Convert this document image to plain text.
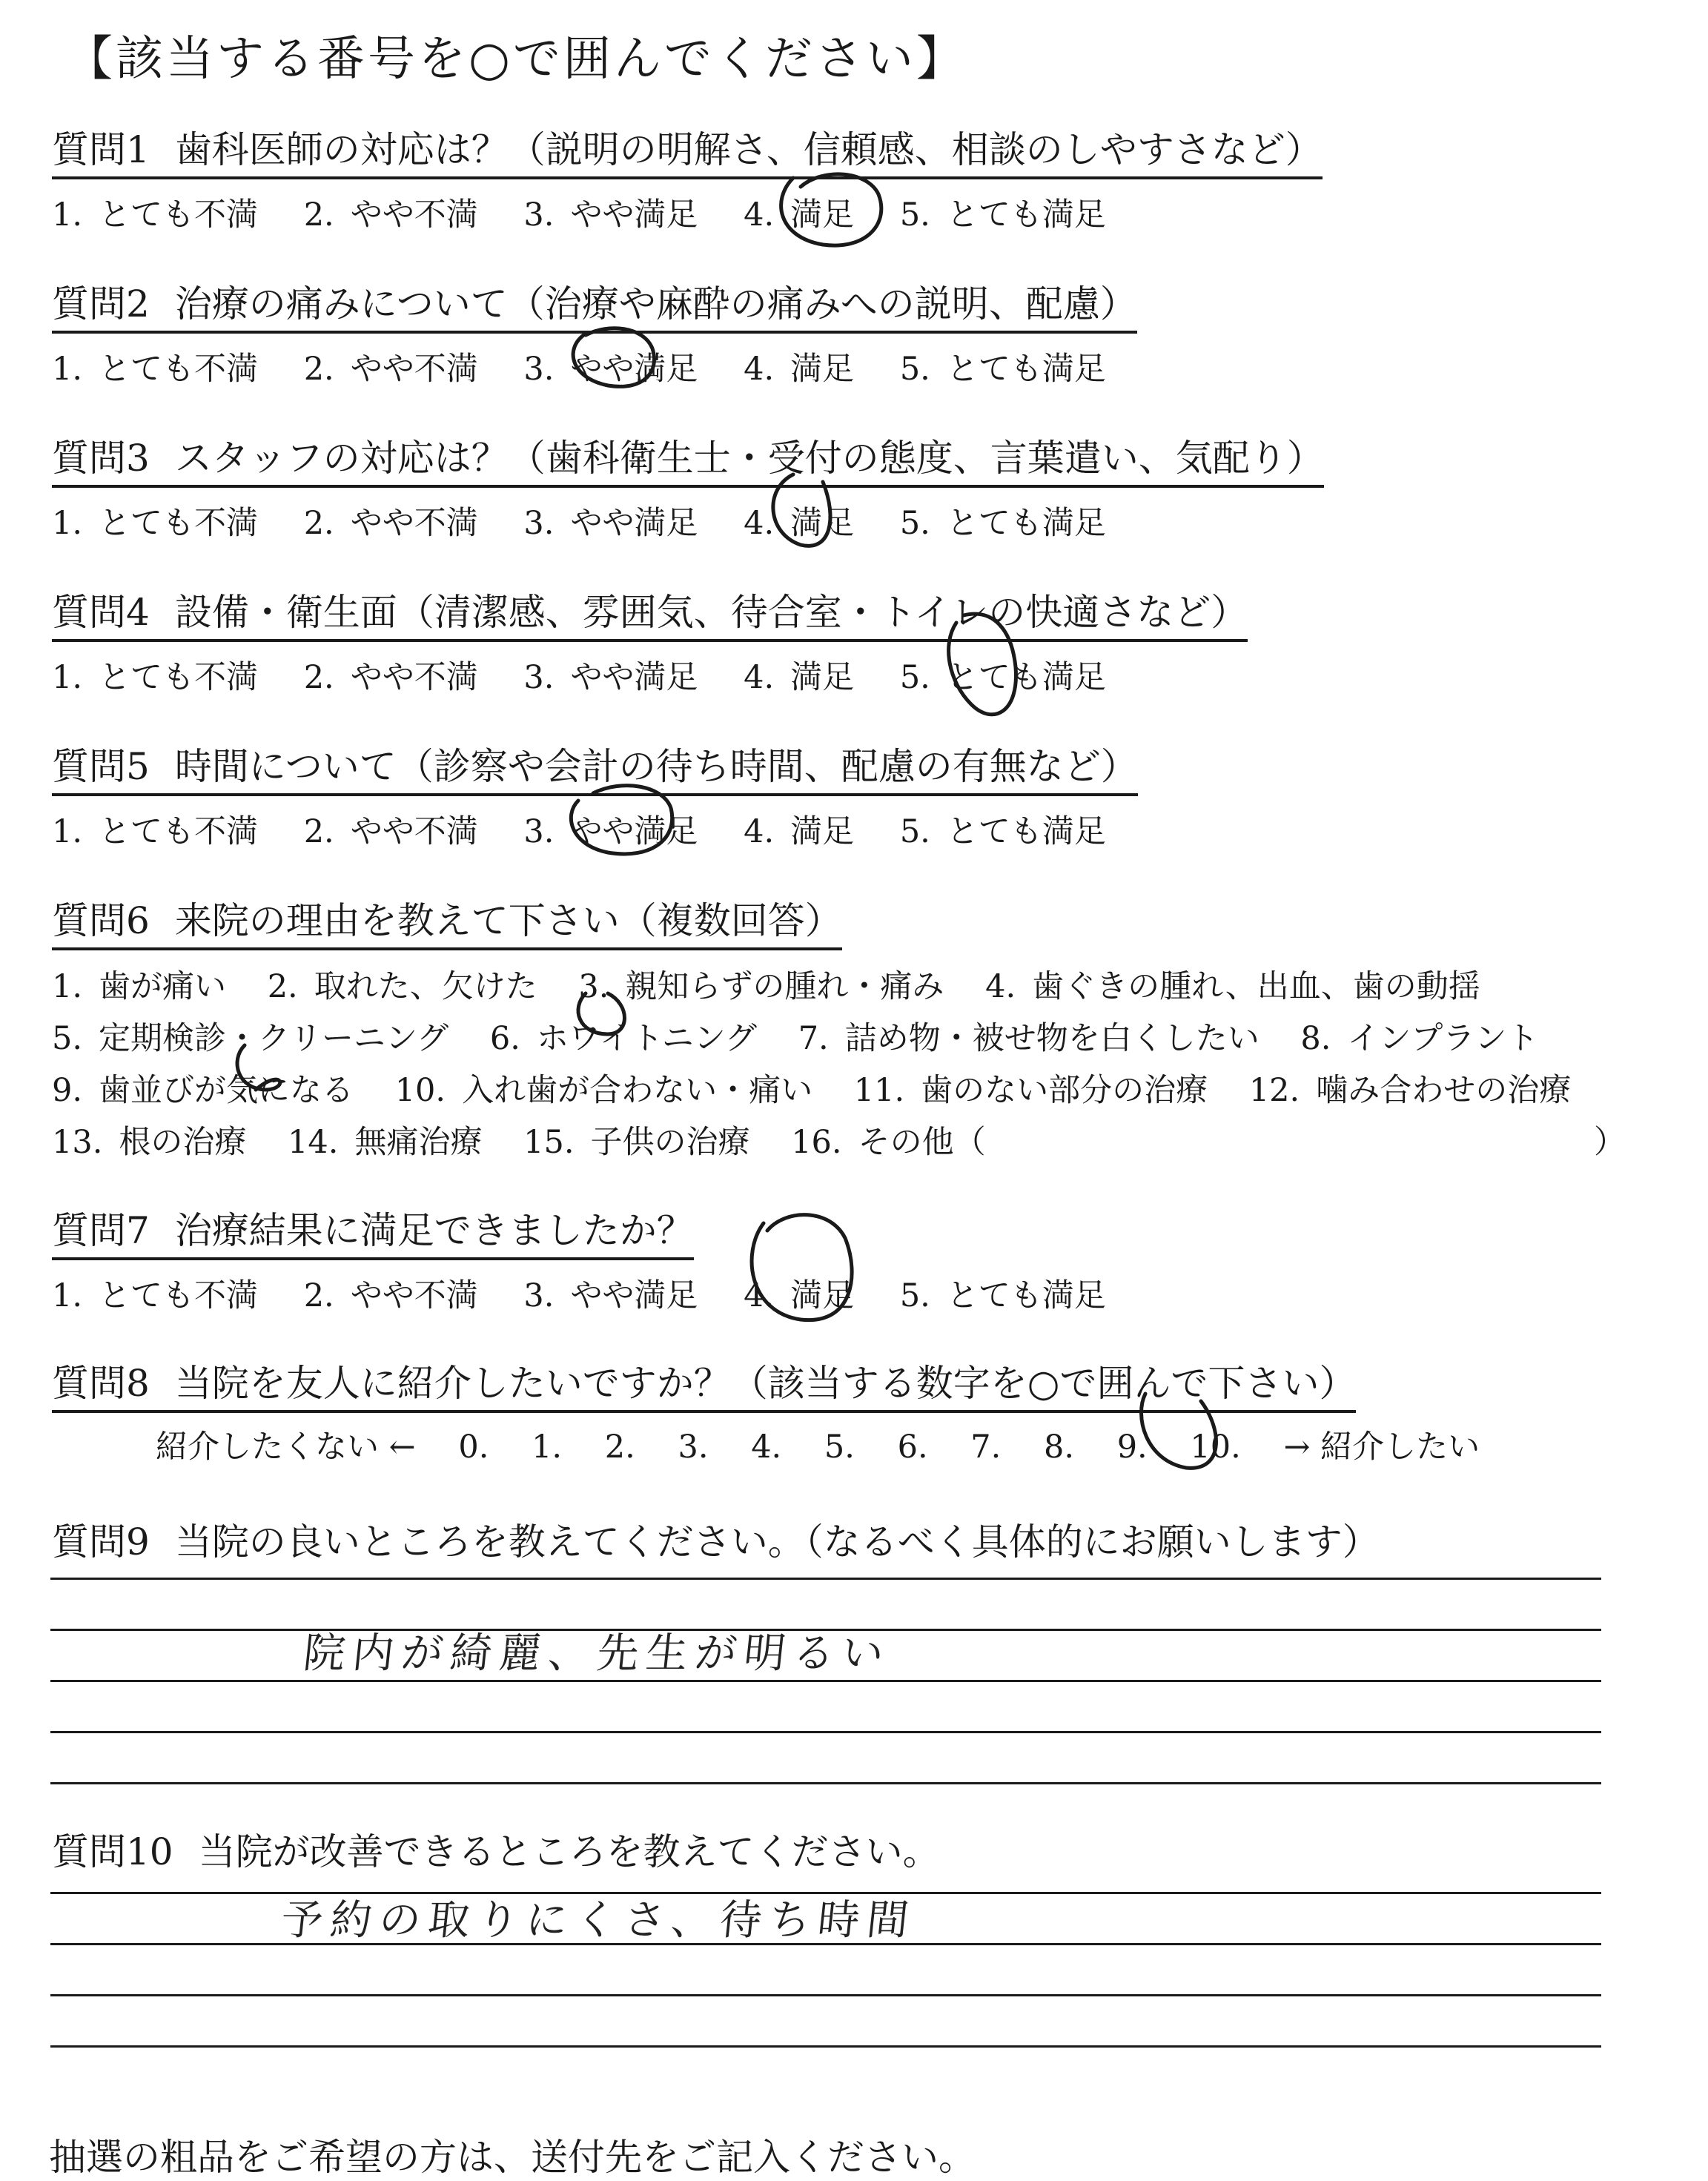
【該当する番号を○で囲んでください】
質問1 歯科医師の対応は？（説明の明解さ、信頼感、相談のしやすさなど）
1. とても不満 2. やや不満 3. やや満足 4. 満足 5. とても満足
質問2 治療の痛みについて（治療や麻酔の痛みへの説明、配慮）
1. とても不満 2. やや不満 3. やや満足 4. 満足 5. とても満足
質問3 スタッフの対応は？（歯科衛生士・受付の態度、言葉遣い、気配り）
1. とても不満 2. やや不満 3. やや満足 4. 満足 5. とても満足
質問4 設備・衛生面（清潔感、雰囲気、待合室・トイレの快適さなど）
1. とても不満 2. やや不満 3. やや満足 4. 満足 5. とても満足
質問5 時間について（診察や会計の待ち時間、配慮の有無など）
1. とても不満 2. やや不満 3. やや満足 4. 満足 5. とても満足
質問6 来院の理由を教えて下さい（複数回答）
1. 歯が痛い 2. 取れた、欠けた 3. 親知らずの腫れ・痛み 4. 歯ぐきの腫れ、出血、歯の動揺
5. 定期検診・クリーニング 6. ホワイトニング 7. 詰め物・被せ物を白くしたい 8. インプラント
9. 歯並びが気になる 10. 入れ歯が合わない・痛い 11. 歯のない部分の治療 12. 噛み合わせの治療
13. 根の治療 14. 無痛治療 15. 子供の治療 16. その他（	）
質問7 治療結果に満足できましたか？
1. とても不満 2. やや不満 3. やや満足 4. 満足 5. とても満足
質問8 当院を友人に紹介したいですか？（該当する数字を○で囲んで下さい）
紹介したくない ← 0. 1. 2. 3. 4. 5. 6. 7. 8. 9. 10. → 紹介したい
質問9 当院の良いところを教えてください。（なるべく具体的にお願いします）
院内が綺麗、先生が明るい
質問10 当院が改善できるところを教えてください。
予約の取りにくさ、待ち時間
抽選の粗品をご希望の方は、送付先をご記入ください。
